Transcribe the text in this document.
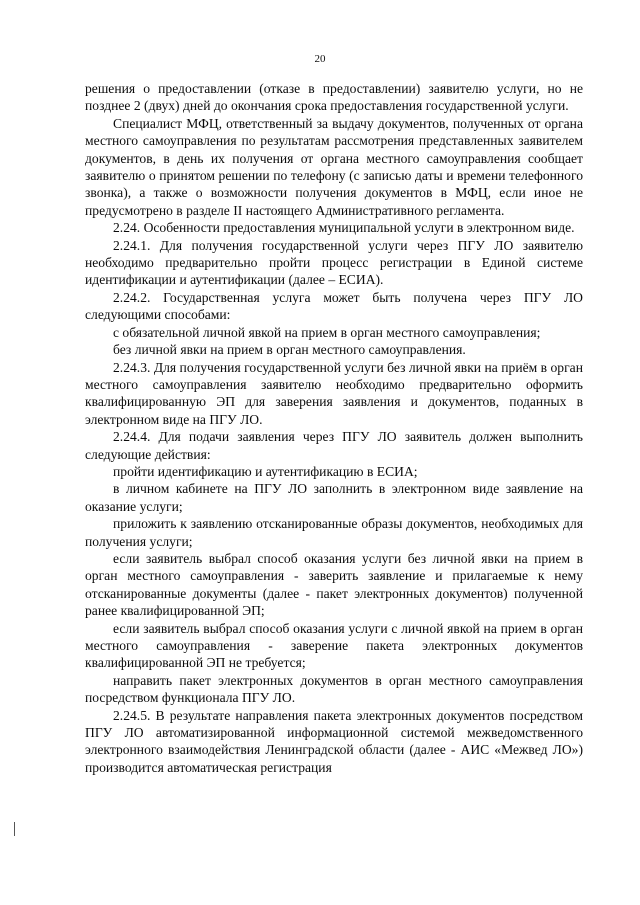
20

решения о предоставлении (отказе в предоставлении) заявителю услуги, но не позднее 2 (двух) дней до окончания срока предоставления государственной услуги.

Специалист МФЦ, ответственный за выдачу документов, полученных от органа местного самоуправления по результатам рассмотрения представленных заявителем документов, в день их получения от органа местного самоуправления сообщает заявителю о принятом решении по телефону (с записью даты и времени телефонного звонка), а также о возможности получения документов в МФЦ, если иное не предусмотрено в разделе II настоящего Административного регламента.

2.24. Особенности предоставления муниципальной услуги в электронном виде.

2.24.1. Для получения государственной услуги через ПГУ ЛО заявителю необходимо предварительно пройти процесс регистрации в Единой системе идентификации и аутентификации (далее – ЕСИА).

2.24.2. Государственная услуга может быть получена через ПГУ ЛО следующими способами:

с обязательной личной явкой на прием в орган местного самоуправления;

без личной явки на прием в орган местного самоуправления.

2.24.3. Для получения государственной услуги без личной явки на приём в орган местного самоуправления заявителю необходимо предварительно оформить квалифицированную ЭП для заверения заявления и документов, поданных в электронном виде на ПГУ ЛО.

2.24.4. Для подачи заявления через ПГУ ЛО заявитель должен выполнить следующие действия:

пройти идентификацию и аутентификацию в ЕСИА;

в личном кабинете на ПГУ ЛО заполнить в электронном виде заявление на оказание услуги;

приложить к заявлению отсканированные образы документов, необходимых для получения услуги;

если заявитель выбрал способ оказания услуги без личной явки на прием в орган местного самоуправления - заверить заявление и прилагаемые к нему отсканированные документы (далее - пакет электронных документов) полученной ранее квалифицированной ЭП;

если заявитель выбрал способ оказания услуги с личной явкой на прием в орган местного самоуправления - заверение пакета электронных документов квалифицированной ЭП не требуется;

направить пакет электронных документов в орган местного самоуправления посредством функционала ПГУ ЛО.

2.24.5. В результате направления пакета электронных документов посредством ПГУ ЛО автоматизированной информационной системой межведомственного электронного взаимодействия Ленинградской области (далее - АИС «Межвед ЛО») производится автоматическая регистрация
